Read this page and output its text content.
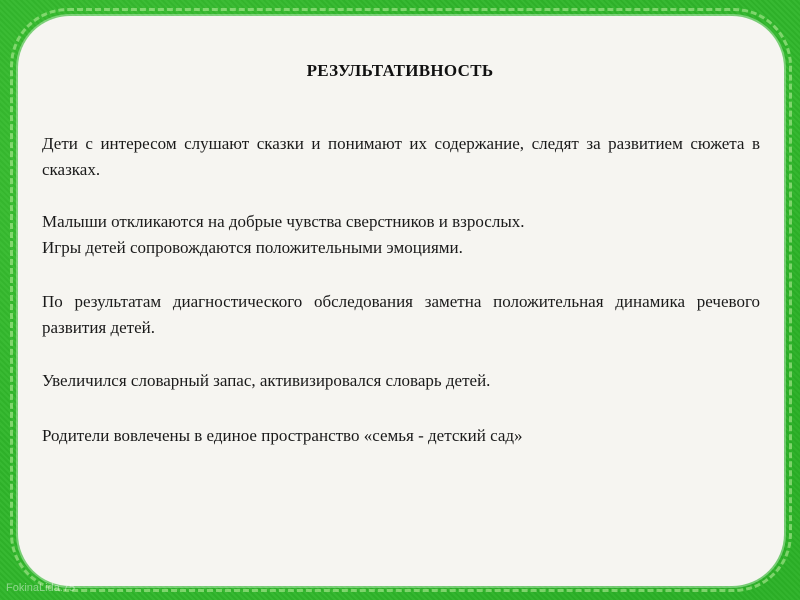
РЕЗУЛЬТАТИВНОСТЬ
Дети с интересом слушают сказки и понимают их содержание, следят за развитием сюжета в сказках.
Малыши откликаются на добрые чувства сверстников и взрослых.
Игры детей сопровождаются положительными эмоциями.
По результатам диагностического обследования заметна положительная динамика речевого развития детей.
Увеличился словарный запас, активизировался словарь детей.
Родители вовлечены в единое пространство «семья - детский сад»
FokinaLida.75
